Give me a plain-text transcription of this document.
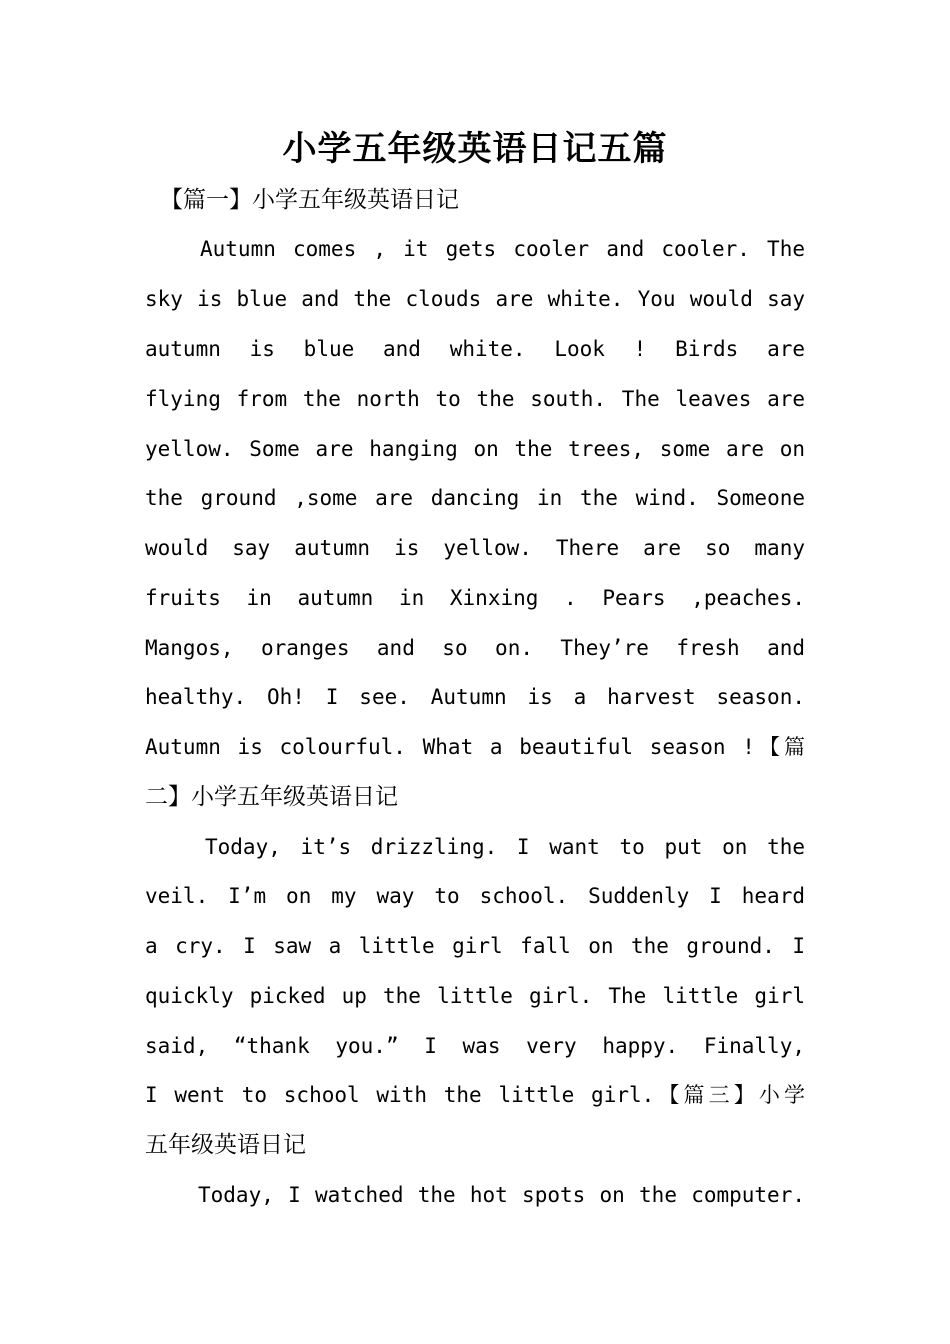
小学五年级英语日记五篇
【篇一】小学五年级英语日记
Autumn comes , it gets cooler and cooler. The
sky is blue and the clouds are white. You would say
autumn is blue and white. Look ! Birds are
flying from the north to the south. The leaves are
yellow. Some are hanging on the trees, some are on
the ground ,some are dancing in the wind. Someone
would say autumn is yellow. There are so many
fruits in autumn in Xinxing . Pears ,peaches.
Mangos, oranges and so on. They’re fresh and
healthy. Oh! I see. Autumn is a harvest season.
Autumn is colourful. What a beautiful season !【篇
二】小学五年级英语日记
Today, it’s drizzling. I want to put on the
veil. I’m on my way to school. Suddenly I heard
a cry. I saw a little girl fall on the ground. I
quickly picked up the little girl. The little girl
said, “thank you.” I was very happy. Finally,
I went to school with the little girl.【篇三】小学
五年级英语日记
Today, I watched the hot spots on the computer.
